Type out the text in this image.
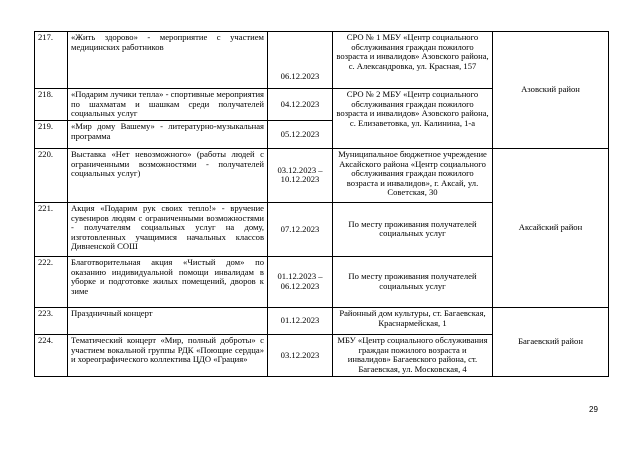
217.	«Жить здорово» - мероприятие с участием медицинских работников	06.12.2023	СРО № 1 МБУ «Центр социального обслуживания граждан пожилого возраста и инвалидов» Азовского района, с. Александровка, ул. Красная, 157	Азовский район
218.	«Подарим лучики тепла» - спортивные мероприятия по шахматам и шашкам среди получателей социальных услуг	04.12.2023	СРО № 2 МБУ «Центр социального обслуживания граждан пожилого возраста и инвалидов» Азовского района, с. Елизаветовка, ул. Калинина, 1-а	
219.	«Мир дому Вашему» - литературно-музыкальная программа	05.12.2023		
220.	Выставка «Нет невозможного» (работы людей с ограниченными возможностями - получателей социальных услуг)	03.12.2023 – 10.12.2023	Муниципальное бюджетное учреждение Аксайского района «Центр социального обслуживания граждан пожилого возраста и инвалидов», г. Аксай, ул. Советская, 30	Аксайский район
221.	Акция «Подарим рук своих тепло!» - вручение сувениров людям с ограниченными возможностями - получателям социальных услуг на дому, изготовленных учащимися начальных классов Дивненской СОШ	07.12.2023	По месту проживания получателей социальных услуг	
222.	Благотворительная акция «Чистый дом» по оказанию индивидуальной помощи инвалидам в уборке и подготовке жилых помещений, дворов к зиме	01.12.2023 – 06.12.2023	По месту проживания получателей социальных услуг	
223.	Праздничный концерт	01.12.2023	Районный дом культуры, ст. Багаевская, Краснармейская, 1	Багаевский район
224.	Тематический концерт «Мир, полный доброты» с участием вокальной группы РДК «Поющие сердца» и хореографического коллектива ЦДО «Грация»	03.12.2023	МБУ «Центр социального обслуживания граждан пожилого возраста и инвалидов» Багаевского района, ст. Багаевская, ул. Московская, 4	
29
